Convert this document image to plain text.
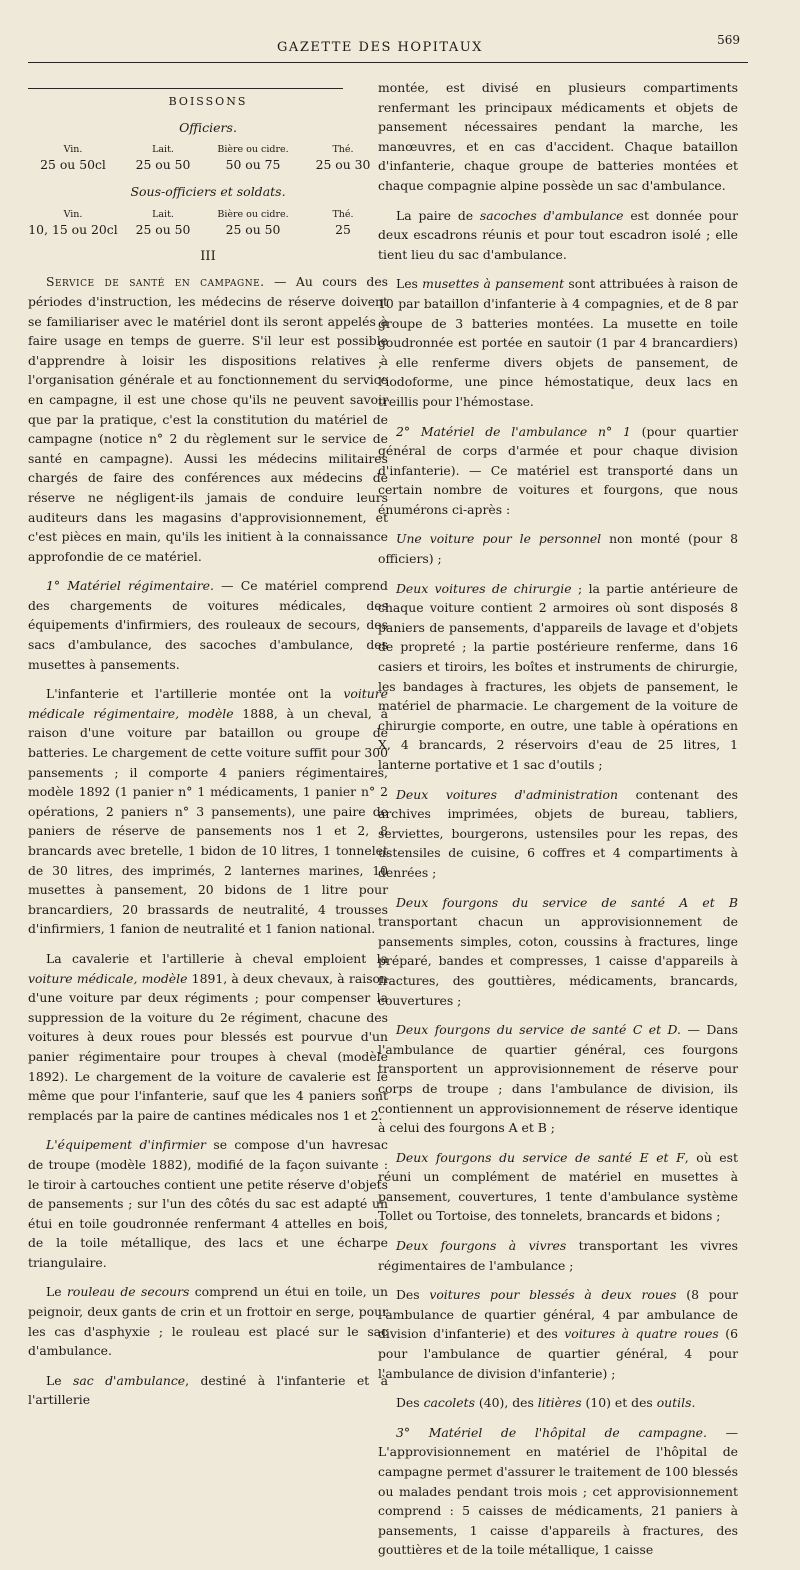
GAZETTE DES HOPITAUX	569
BOISSONS
Officiers.
Vin.	Lait.	Bière ou cidre.	Thé.
25 ou 50cl	25 ou 50	50 ou 75	25 ou 30
Sous-officiers et soldats.
Vin.	Lait.	Bière ou cidre.	Thé.
10, 15 ou 20cl	25 ou 50	25 ou 50	25
III

Service de santé en campagne. — Au cours des périodes d'instruction, les médecins de réserve doivent se familiariser avec le matériel dont ils seront appelés à faire usage en temps de guerre. S'il leur est possible d'apprendre à loisir les dispositions relatives à l'organisation générale et au fonctionnement du service en campagne, il est une chose qu'ils ne peuvent savoir que par la pratique, c'est la constitution du matériel de campagne (notice n° 2 du règlement sur le service de santé en campagne). Aussi les médecins militaires chargés de faire des conférences aux médecins de réserve ne négligent-ils jamais de conduire leurs auditeurs dans les magasins d'approvisionnement, et c'est pièces en main, qu'ils les initient à la connaissance approfondie de ce matériel.

1° Matériel régimentaire. — Ce matériel comprend des chargements de voitures médicales, des équipements d'infirmiers, des rouleaux de secours, des sacs d'ambulance, des sacoches d'ambulance, des musettes à pansements.

L'infanterie et l'artillerie montée ont la voiture médicale régimentaire, modèle 1888, à un cheval, à raison d'une voiture par bataillon ou groupe de batteries. Le chargement de cette voiture suffit pour 300 pansements ; il comporte 4 paniers régimentaires, modèle 1892 (1 panier n° 1 médicaments, 1 panier n° 2 opérations, 2 paniers n° 3 pansements), une paire de paniers de réserve de pansements nos 1 et 2, 8 brancards avec bretelle, 1 bidon de 10 litres, 1 tonnelet de 30 litres, des imprimés, 2 lanternes marines, 10 musettes à pansement, 20 bidons de 1 litre pour brancardiers, 20 brassards de neutralité, 4 trousses d'infirmiers, 1 fanion de neutralité et 1 fanion national.

La cavalerie et l'artillerie à cheval emploient la voiture médicale, modèle 1891, à deux chevaux, à raison d'une voiture par deux régiments ; pour compenser la suppression de la voiture du 2e régiment, chacune des voitures à deux roues pour blessés est pourvue d'un panier régimentaire pour troupes à cheval (modèle 1892). Le chargement de la voiture de cavalerie est le même que pour l'infanterie, sauf que les 4 paniers sont remplacés par la paire de cantines médicales nos 1 et 2.

L'équipement d'infirmier se compose d'un havresac de troupe (modèle 1882), modifié de la façon suivante : le tiroir à cartouches contient une petite réserve d'objets de pansements ; sur l'un des côtés du sac est adapté un étui en toile goudronnée renfermant 4 attelles en bois, de la toile métallique, des lacs et une écharpe triangulaire.

Le rouleau de secours comprend un étui en toile, un peignoir, deux gants de crin et un frottoir en serge, pour les cas d'asphyxie ; le rouleau est placé sur le sac d'ambulance.

Le sac d'ambulance, destiné à l'infanterie et à l'artillerie

montée, est divisé en plusieurs compartiments renfermant les principaux médicaments et objets de pansement nécessaires pendant la marche, les manœuvres, et en cas d'accident. Chaque bataillon d'infanterie, chaque groupe de batteries montées et chaque compagnie alpine possède un sac d'ambulance.

La paire de sacoches d'ambulance est donnée pour deux escadrons réunis et pour tout escadron isolé ; elle tient lieu du sac d'ambulance.

Les musettes à pansement sont attribuées à raison de 10 par bataillon d'infanterie à 4 compagnies, et de 8 par groupe de 3 batteries montées. La musette en toile goudronnée est portée en sautoir (1 par 4 brancardiers) ; elle renferme divers objets de pansement, de l'iodoforme, une pince hémostatique, deux lacs en treillis pour l'hémostase.

2° Matériel de l'ambulance n° 1 (pour quartier général de corps d'armée et pour chaque division d'infanterie). — Ce matériel est transporté dans un certain nombre de voitures et fourgons, que nous énumérons ci-après :

Une voiture pour le personnel non monté (pour 8 officiers) ;

Deux voitures de chirurgie ; la partie antérieure de chaque voiture contient 2 armoires où sont disposés 8 paniers de pansements, d'appareils de lavage et d'objets de propreté ; la partie postérieure renferme, dans 16 casiers et tiroirs, les boîtes et instruments de chirurgie, les bandages à fractures, les objets de pansement, le matériel de pharmacie. Le chargement de la voiture de chirurgie comporte, en outre, une table à opérations en X, 4 brancards, 2 réservoirs d'eau de 25 litres, 1 lanterne portative et 1 sac d'outils ;

Deux voitures d'administration contenant des archives imprimées, objets de bureau, tabliers, serviettes, bourgerons, ustensiles pour les repas, des ustensiles de cuisine, 6 coffres et 4 compartiments à denrées ;

Deux fourgons du service de santé A et B transportant chacun un approvisionnement de pansements simples, coton, coussins à fractures, linge préparé, bandes et compresses, 1 caisse d'appareils à fractures, des gouttières, médicaments, brancards, couvertures ;

Deux fourgons du service de santé C et D. — Dans l'ambulance de quartier général, ces fourgons transportent un approvisionnement de réserve pour corps de troupe ; dans l'ambulance de division, ils contiennent un approvisionnement de réserve identique à celui des fourgons A et B ;

Deux fourgons du service de santé E et F, où est réuni un complément de matériel en musettes à pansement, couvertures, 1 tente d'ambulance système Tollet ou Tortoise, des tonnelets, brancards et bidons ;

Deux fourgons à vivres transportant les vivres régimentaires de l'ambulance ;

Des voitures pour blessés à deux roues (8 pour l'ambulance de quartier général, 4 par ambulance de division d'infanterie) et des voitures à quatre roues (6 pour l'ambulance de quartier général, 4 pour l'ambulance de division d'infanterie) ;

Des cacolets (40), des litières (10) et des outils.

3° Matériel de l'hôpital de campagne. — L'approvisionnement en matériel de l'hôpital de campagne permet d'assurer le traitement de 100 blessés ou malades pendant trois mois ; cet approvisionnement comprend : 5 caisses de médicaments, 21 paniers à pansements, 1 caisse d'appareils à fractures, des gouttières et de la toile métallique, 1 caisse
